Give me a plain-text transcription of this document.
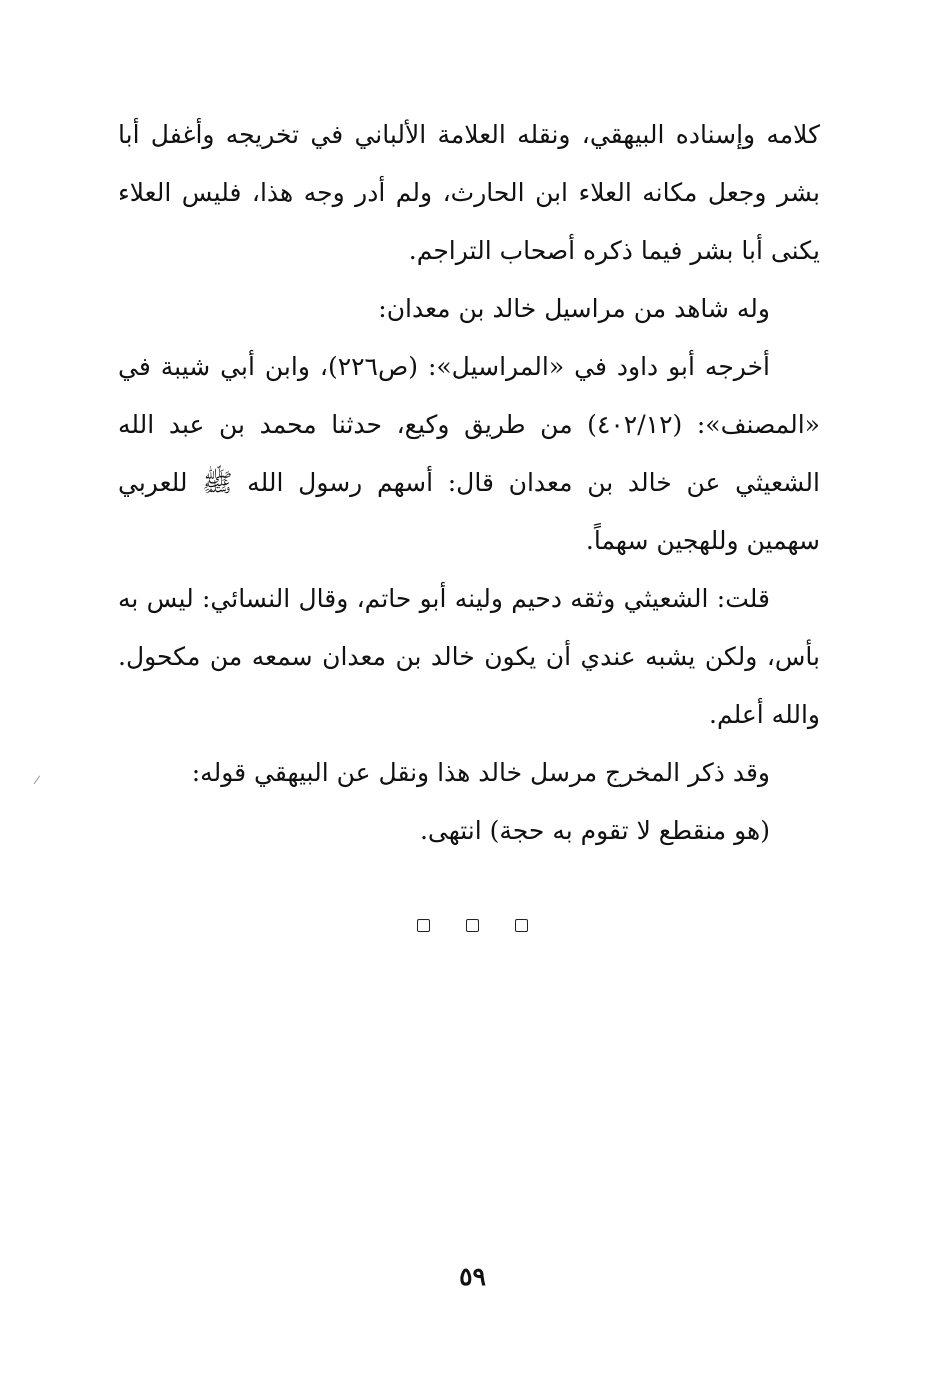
كلامه وإسناده البيهقي، ونقله العلامة الألباني في تخريجه وأغفل أبا بشر وجعل مكانه العلاء ابن الحارث، ولم أدر وجه هذا، فليس العلاء يكنى أبا بشر فيما ذكره أصحاب التراجم.

وله شاهد من مراسيل خالد بن معدان:

أخرجه أبو داود في «المراسيل»: (ص٢٢٦)، وابن أبي شيبة في «المصنف»: (٤٠٢/١٢) من طريق وكيع، حدثنا محمد بن عبد الله الشعيثي عن خالد بن معدان قال: أسهم رسول الله ﷺ للعربي سهمين وللهجين سهماً.

قلت: الشعيثي وثقه دحيم ولينه أبو حاتم، وقال النسائي: ليس به بأس، ولكن يشبه عندي أن يكون خالد بن معدان سمعه من مكحول. والله أعلم.

وقد ذكر المخرج مرسل خالد هذا ونقل عن البيهقي قوله:

(هو منقطع لا تقوم به حجة) انتهى.

٥٩
